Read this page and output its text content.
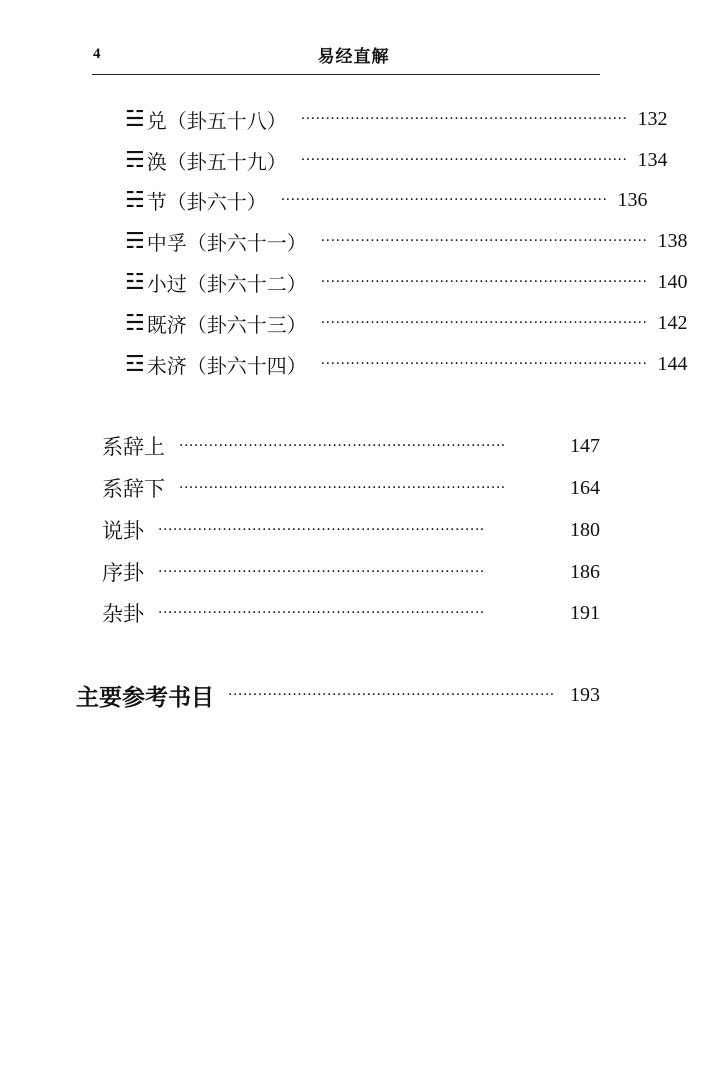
4	易经直解
☱ 兑（卦五十八） ·································································· 132
☴ 涣（卦五十九） ·································································· 134
☵ 节（卦六十） ·································································· 136
☴ 中孚（卦六十一） ·································································· 138
☳ 小过（卦六十二） ·································································· 140
☵ 既济（卦六十三） ·································································· 142
☲ 未济（卦六十四） ·································································· 144
系辞上 ··································································	147
系辞下 ··································································	164
说卦 ··································································	180
序卦 ··································································	186
杂卦 ··································································	191
主要参考书目 ·································································· 193
